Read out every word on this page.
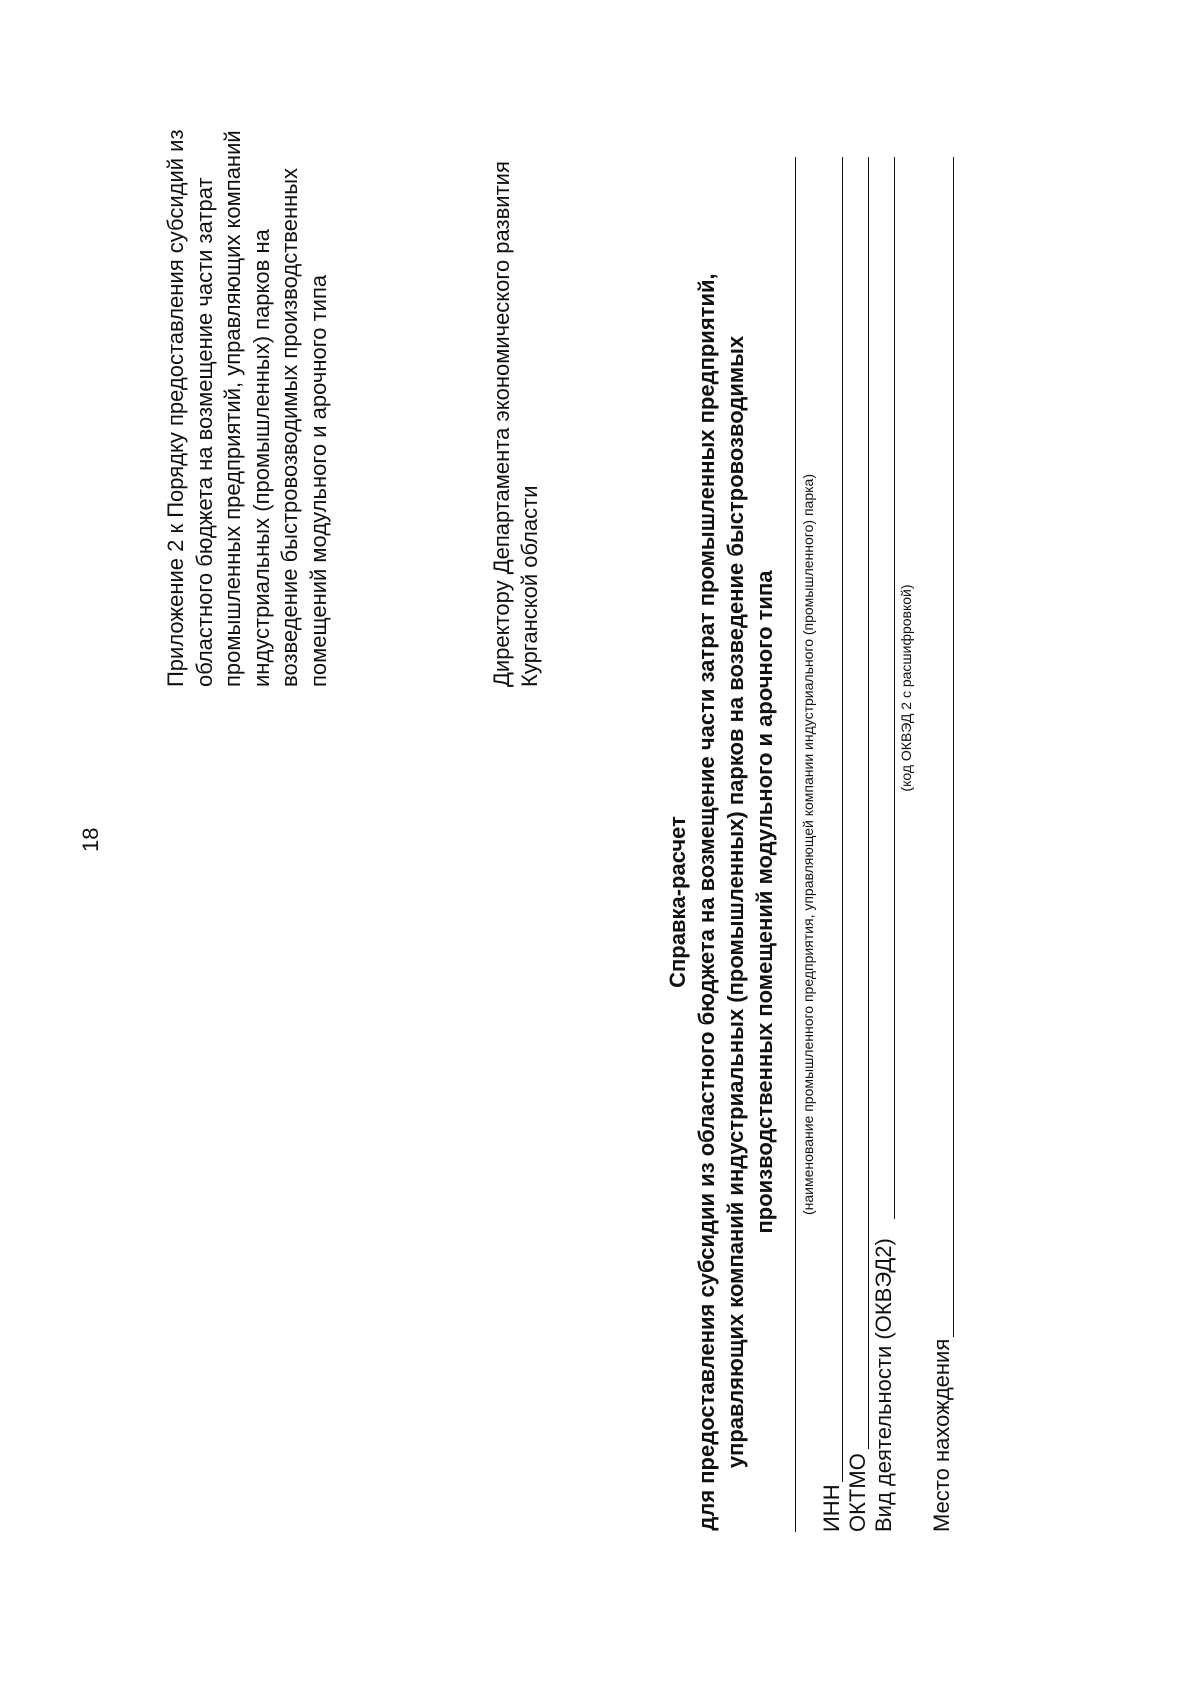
18
Приложение 2 к Порядку предоставления субсидий из областного бюджета на возмещение части затрат промышленных предприятий, управляющих компаний индустриальных (промышленных) парков на возведение быстровозводимых производственных помещений модульного и арочного типа	Директору Департамента экономического развития Курганской области
Справка-расчет для предоставления субсидии из областного бюджета на возмещение части затрат промышленных предприятий, управляющих компаний индустриальных (промышленных) парков на возведение быстровозводимых производственных помещений модульного и арочного типа (наименование промышленного предприятия, управляющей компании индустриального (промышленного) парка)
ИНН ОКТМО Вид деятельности (ОКВЭД2)
(код ОКВЭД 2 с расшифровкой)
Место нахождения
